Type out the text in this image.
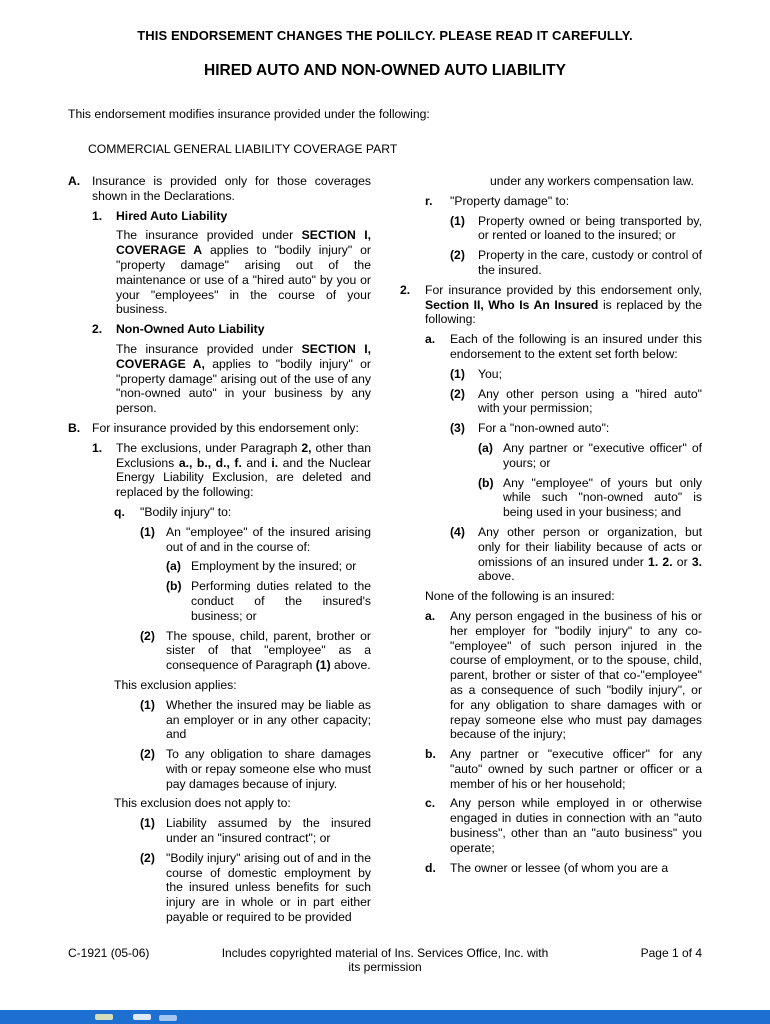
THIS ENDORSEMENT CHANGES THE POLILCY. PLEASE READ IT CAREFULLY.
HIRED AUTO AND NON-OWNED AUTO LIABILITY
This endorsement modifies insurance provided under the following:
COMMERCIAL GENERAL LIABILITY COVERAGE PART
A. Insurance is provided only for those coverages shown in the Declarations.
1. Hired Auto Liability
The insurance provided under SECTION I, COVERAGE A applies to "bodily injury" or "property damage" arising out of the maintenance or use of a "hired auto" by you or your "employees" in the course of your business.
2. Non-Owned Auto Liability
The insurance provided under SECTION I, COVERAGE A, applies to "bodily injury" or "property damage" arising out of the use of any "non-owned auto" in your business by any person.
B. For insurance provided by this endorsement only:
1. The exclusions, under Paragraph 2, other than Exclusions a., b., d., f. and i. and the Nuclear Energy Liability Exclusion, are deleted and replaced by the following:
q. "Bodily injury" to:
(1) An "employee" of the insured arising out of and in the course of:
(a) Employment by the insured; or
(b) Performing duties related to the conduct of the insured's business; or
(2) The spouse, child, parent, brother or sister of that "employee" as a consequence of Paragraph (1) above.
This exclusion applies:
(1) Whether the insured may be liable as an employer or in any other capacity; and
(2) To any obligation to share damages with or repay someone else who must pay damages because of injury.
This exclusion does not apply to:
(1) Liability assumed by the insured under an "insured contract"; or
(2) "Bodily injury" arising out of and in the course of domestic employment by the insured unless benefits for such injury are in whole or in part either payable or required to be provided
under any workers compensation law.
r. "Property damage" to:
(1) Property owned or being transported by, or rented or loaned to the insured; or
(2) Property in the care, custody or control of the insured.
2. For insurance provided by this endorsement only, Section II, Who Is An Insured is replaced by the following:
a. Each of the following is an insured under this endorsement to the extent set forth below:
(1) You;
(2) Any other person using a "hired auto" with your permission;
(3) For a "non-owned auto":
(a) Any partner or "executive officer" of yours; or
(b) Any "employee" of yours but only while such "non-owned auto" is being used in your business; and
(4) Any other person or organization, but only for their liability because of acts or omissions of an insured under 1. 2. or 3. above.
None of the following is an insured:
a. Any person engaged in the business of his or her employer for "bodily injury" to any co-"employee" of such person injured in the course of employment, or to the spouse, child, parent, brother or sister of that co-"employee" as a consequence of such "bodily injury", or for any obligation to share damages with or repay someone else who must pay damages because of the injury;
b. Any partner or "executive officer" for any "auto" owned by such partner or officer or a member of his or her household;
c. Any person while employed in or otherwise engaged in duties in connection with an "auto business", other than an "auto business" you operate;
d. The owner or lessee (of whom you are a
C-1921 (05-06)	Includes copyrighted material of Ins. Services Office, Inc. with its permission
Page 1 of 4
